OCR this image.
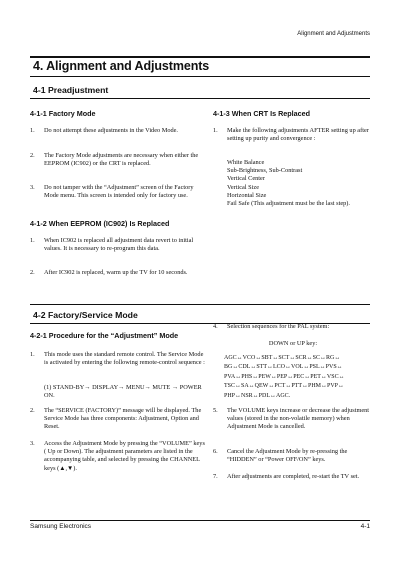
Alignment and Adjustments
4. Alignment and Adjustments
4-1 Preadjustment
4-1-1 Factory Mode
1. Do not attempt these adjustments in the Video Mode.
2. The Factory Mode adjustments are necessary when either the EEPROM (IC902) or the CRT is replaced.
3. Do not tamper with the “Adjustment” screen of the Factory Mode menu. This screen is intended only for factory use.
4-1-2 When EEPROM (IC902) Is Replaced
1. When IC902 is replaced all adjustment data revert to initial values. It is necessary to re-program this data.
2. After IC902 is replaced, warm up the TV for 10 seconds.
4-1-3 When CRT Is Replaced
1. Make the following adjustments AFTER setting up after setting up purity and convergence :
White Balance
Sub-Brightness, Sub-Contrast
Vertical Center
Vertical Size
Horizontal Size
Fail Safe (This adjustment must be the last step).
4-2 Factory/Service Mode
4-2-1 Procedure for the “Adjustment” Mode
1. This mode uses the standard remote control. The Service Mode is activated by entering the following remote-control sequence :
(1) STAND-BY→ DISPLAY→ MENU→ MUTE → POWER ON.
2. The “SERVICE (FACTORY)” message will be displayed. The Service Mode has three components: Adjustment, Option and Reset.
3. Access the Adjustment Mode by pressing the “VOLUME” keys ( Up or Down). The adjustment parameters are listed in the accompanying table, and selected by pressing the CHANNEL keys (▲,▼).
4. Selection sequences for the PAL system:
DOWN or UP key:
AGC↔VCO↔SBT↔SCT↔SCR↔SC↔RG↔
BG↔CDL↔STT↔LCO↔VOL↔PSL↔PVS↔
PVA↔PHS↔PEW↔PEP↔PEC↔PET↔VSC↔
TSC↔SA↔QEW↔PCT↔PTT↔PHM↔PVP↔
PHP↔NSR↔PDL↔AGC.
5. The VOLUME keys increase or decrease the adjustment values (stored in the non-volatile memory) when Adjustment Mode is cancelled.
6. Cancel the Adjustment Mode by re-pressing the “HIDDEN” or “Power OFF/ON” keys.
7. After adjustments are completed, re-start the TV set.
Samsung Electronics	4-1
